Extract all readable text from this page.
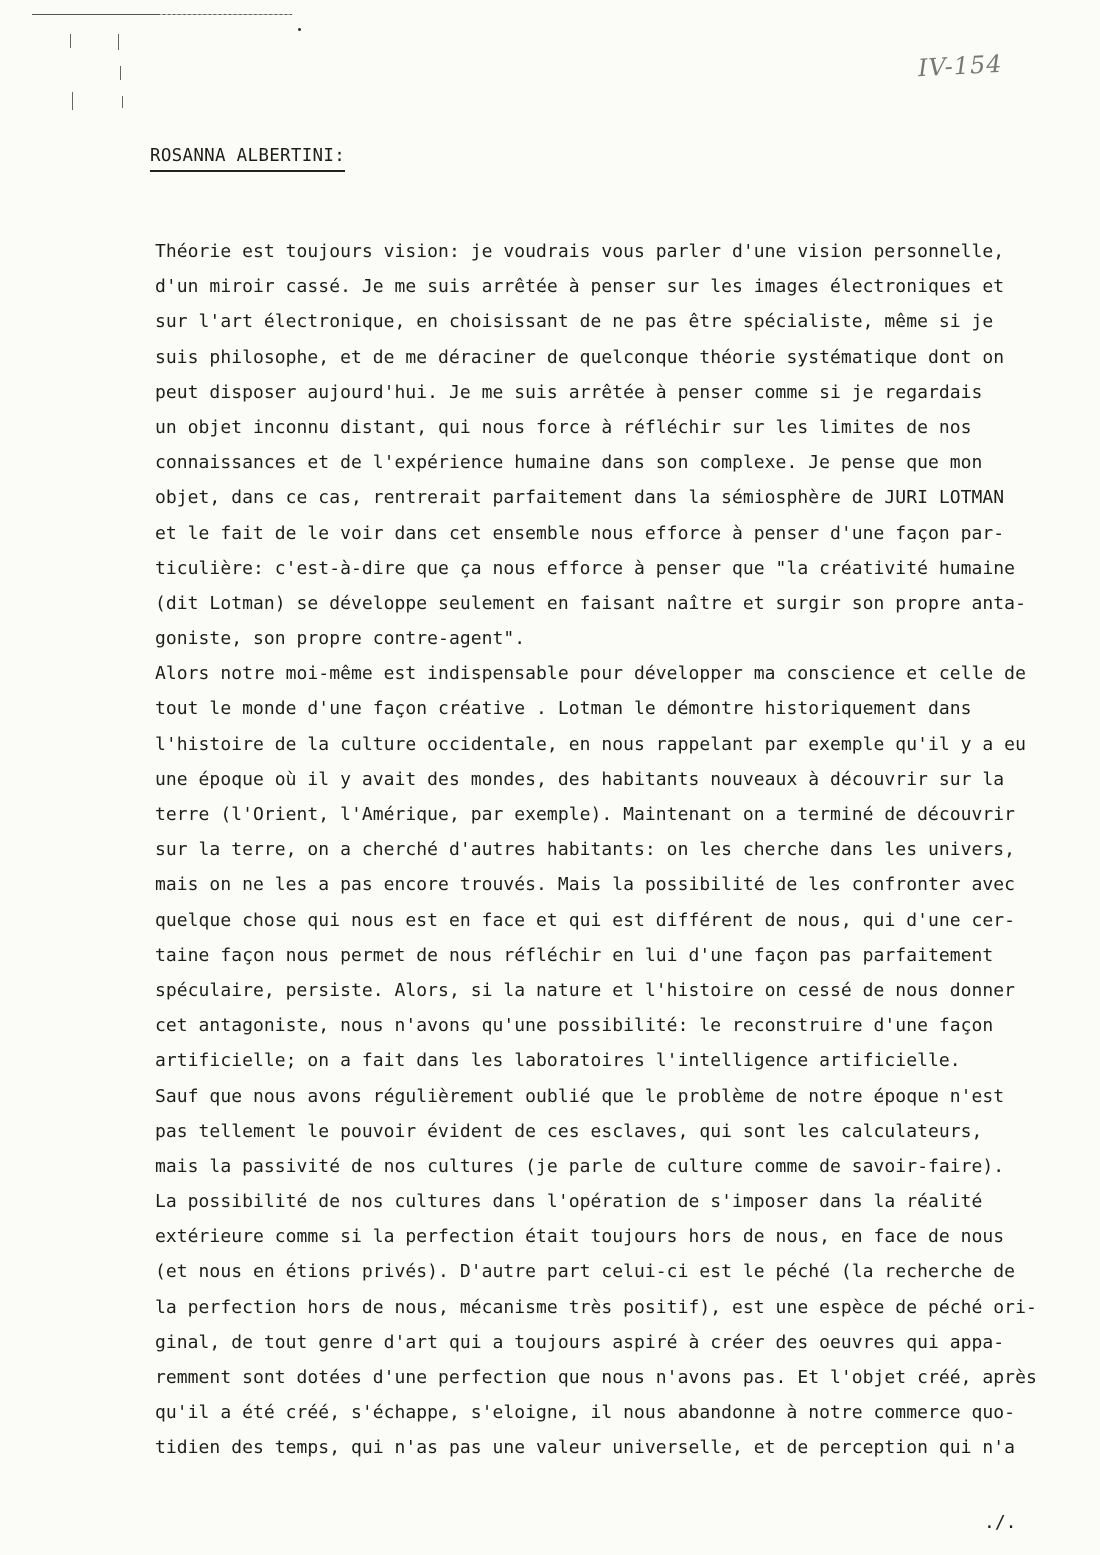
IV-154
ROSANNA ALBERTINI:
Théorie est toujours vision: je voudrais vous parler d'une vision personnelle,
d'un miroir cassé. Je me suis arrêtée à penser sur les images électroniques et
sur l'art électronique, en choisissant de ne pas être spécialiste, même si je
suis philosophe, et de me déraciner de quelconque théorie systématique dont on
peut disposer aujourd'hui. Je me suis arrêtée à penser comme si je regardais
un objet inconnu distant, qui nous force à réfléchir sur les limites de nos
connaissances et de l'expérience humaine dans son complexe. Je pense que mon
objet, dans ce cas, rentrerait parfaitement dans la sémiosphère de JURI LOTMAN
et le fait de le voir dans cet ensemble nous efforce à penser d'une façon par-
ticulière: c'est-à-dire que ça nous efforce à penser que "la créativité humaine
(dit Lotman) se développe seulement en faisant naître et surgir son propre anta-
goniste, son propre contre-agent".
Alors notre moi-même est indispensable pour développer ma conscience et celle de
tout le monde d'une façon créative . Lotman le démontre historiquement dans
l'histoire de la culture occidentale, en nous rappelant par exemple qu'il y a eu
une époque où il y avait des mondes, des habitants nouveaux à découvrir sur la
terre (l'Orient, l'Amérique, par exemple). Maintenant on a terminé de découvrir
sur la terre, on a cherché d'autres habitants: on les cherche dans les univers,
mais on ne les a pas encore trouvés. Mais la possibilité de les confronter avec
quelque chose qui nous est en face et qui est différent de nous, qui d'une cer-
taine façon nous permet de nous réfléchir en lui d'une façon pas parfaitement
spéculaire, persiste. Alors, si la nature et l'histoire on cessé de nous donner
cet antagoniste, nous n'avons qu'une possibilité: le reconstruire d'une façon
artificielle; on a fait dans les laboratoires l'intelligence artificielle.
Sauf que nous avons régulièrement oublié que le problème de notre époque n'est
pas tellement le pouvoir évident de ces esclaves, qui sont les calculateurs,
mais la passivité de nos cultures (je parle de culture comme de savoir-faire).
La possibilité de nos cultures dans l'opération de s'imposer dans la réalité
extérieure comme si la perfection était toujours hors de nous, en face de nous
(et nous en étions privés). D'autre part celui-ci est le péché (la recherche de
la perfection hors de nous, mécanisme très positif), est une espèce de péché ori-
ginal, de tout genre d'art qui a toujours aspiré à créer des oeuvres qui appa-
remment sont dotées d'une perfection que nous n'avons pas. Et l'objet créé, après
qu'il a été créé, s'échappe, s'eloigne, il nous abandonne à notre commerce quo-
tidien des temps, qui n'as pas une valeur universelle, et de perception qui n'a
./.
